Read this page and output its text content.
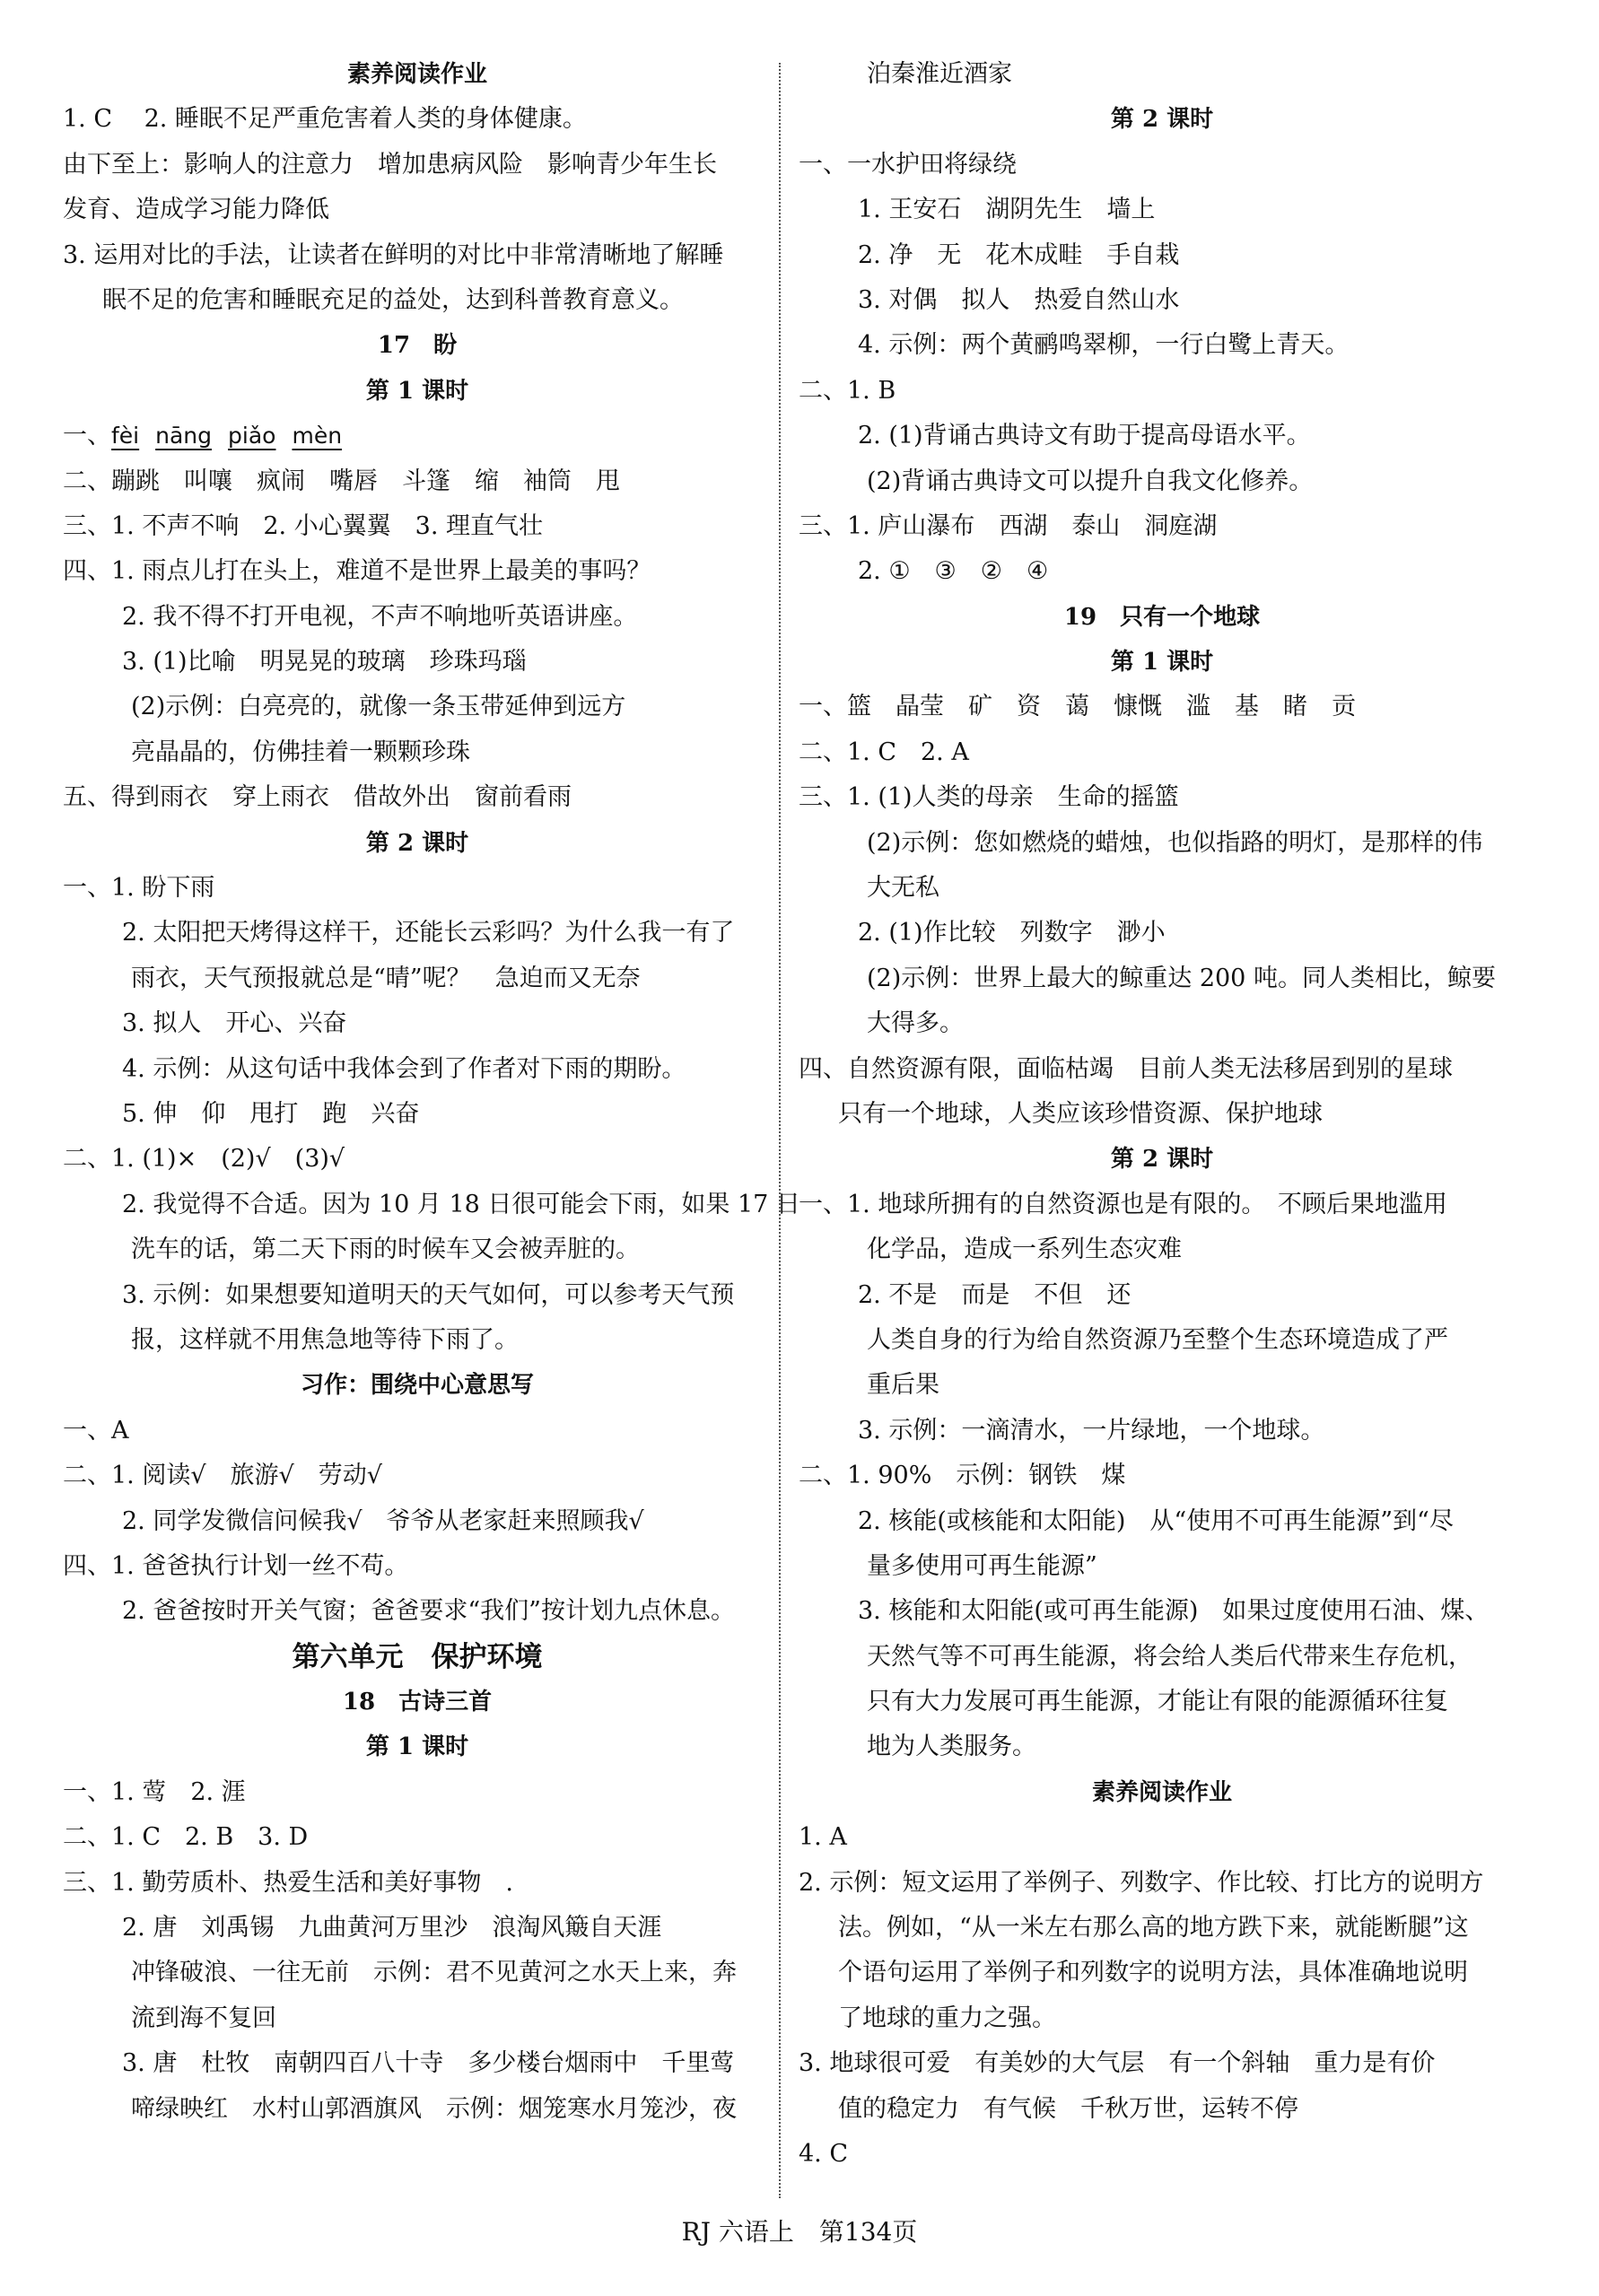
素养阅读作业
1. C　 2. 睡眠不足严重危害着人类的身体健康。
由下至上：影响人的注意力　增加患病风险　影响青少年生长
发育、造成学习能力降低
3. 运用对比的手法，让读者在鲜明的对比中非常清晰地了解睡
眠不足的危害和睡眠充足的益处，达到科普教育意义。
17　盼
第 1 课时
一、fèi nāng piǎo mèn
二、蹦跳　叫嚷　疯闹　嘴唇　斗篷　缩　袖筒　甩
三、1. 不声不响　2. 小心翼翼　3. 理直气壮
四、1. 雨点儿打在头上，难道不是世界上最美的事吗？
2. 我不得不打开电视，不声不响地听英语讲座。
3. (1)比喻　明晃晃的玻璃　珍珠玛瑙
(2)示例：白亮亮的，就像一条玉带延伸到远方
亮晶晶的，仿佛挂着一颗颗珍珠
五、得到雨衣　穿上雨衣　借故外出　窗前看雨
第 2 课时
一、1. 盼下雨
2. 太阳把天烤得这样干，还能长云彩吗？为什么我一有了
雨衣，天气预报就总是“晴”呢？　急迫而又无奈
3. 拟人　开心、兴奋
4. 示例：从这句话中我体会到了作者对下雨的期盼。
5. 伸　仰　甩打　跑　兴奋
二、1. (1)×　(2)√　(3)√
2. 我觉得不合适。因为 10 月 18 日很可能会下雨，如果 17 日
洗车的话，第二天下雨的时候车又会被弄脏的。
3. 示例：如果想要知道明天的天气如何，可以参考天气预
报，这样就不用焦急地等待下雨了。
习作：围绕中心意思写
一、A
二、1. 阅读√　旅游√　劳动√
2. 同学发微信问候我√　爷爷从老家赶来照顾我√
四、1. 爸爸执行计划一丝不苟。
2. 爸爸按时开关气窗；爸爸要求“我们”按计划九点休息。
第六单元　保护环境
18　古诗三首
第 1 课时
一、1. 莺　2. 涯
二、1. C　2. B　3. D
三、1. 勤劳质朴、热爱生活和美好事物　.
2. 唐　刘禹锡　九曲黄河万里沙　浪淘风簸自天涯
冲锋破浪、一往无前　示例：君不见黄河之水天上来，奔
流到海不复回
3. 唐　杜牧　南朝四百八十寺　多少楼台烟雨中　千里莺
啼绿映红　水村山郭酒旗风　示例：烟笼寒水月笼沙，夜
泊秦淮近酒家
第 2 课时
一、一水护田将绿绕
1. 王安石　湖阴先生　墙上
2. 净　无　花木成畦　手自栽
3. 对偶　拟人　热爱自然山水
4. 示例：两个黄鹂鸣翠柳，一行白鹭上青天。
二、1. B
2. (1)背诵古典诗文有助于提高母语水平。
(2)背诵古典诗文可以提升自我文化修养。
三、1. 庐山瀑布　西湖　泰山　洞庭湖
2. ①　③　②　④
19　只有一个地球
第 1 课时
一、篮　晶莹　矿　资　蔼　慷慨　滥　基　睹　贡
二、1. C　2. A
三、1. (1)人类的母亲　生命的摇篮
(2)示例：您如燃烧的蜡烛，也似指路的明灯，是那样的伟
大无私
2. (1)作比较　列数字　渺小
(2)示例：世界上最大的鲸重达 200 吨。同人类相比，鲸要
大得多。
四、自然资源有限，面临枯竭　目前人类无法移居到别的星球
只有一个地球，人类应该珍惜资源、保护地球
第 2 课时
一、1. 地球所拥有的自然资源也是有限的。　不顾后果地滥用
化学品，造成一系列生态灾难
2. 不是　而是　不但　还
人类自身的行为给自然资源乃至整个生态环境造成了严
重后果
3. 示例：一滴清水，一片绿地，一个地球。
二、1. 90%　示例：钢铁　煤
2. 核能(或核能和太阳能)　从“使用不可再生能源”到“尽
量多使用可再生能源”
3. 核能和太阳能(或可再生能源)　如果过度使用石油、煤、
天然气等不可再生能源，将会给人类后代带来生存危机，
只有大力发展可再生能源，才能让有限的能源循环往复
地为人类服务。
素养阅读作业
1. A
2. 示例：短文运用了举例子、列数字、作比较、打比方的说明方
法。例如，“从一米左右那么高的地方跌下来，就能断腿”这
个语句运用了举例子和列数字的说明方法，具体准确地说明
了地球的重力之强。
3. 地球很可爱　有美妙的大气层　有一个斜轴　重力是有价
值的稳定力　有气候　千秋万世，运转不停
4. C
RJ 六语上　第134页
